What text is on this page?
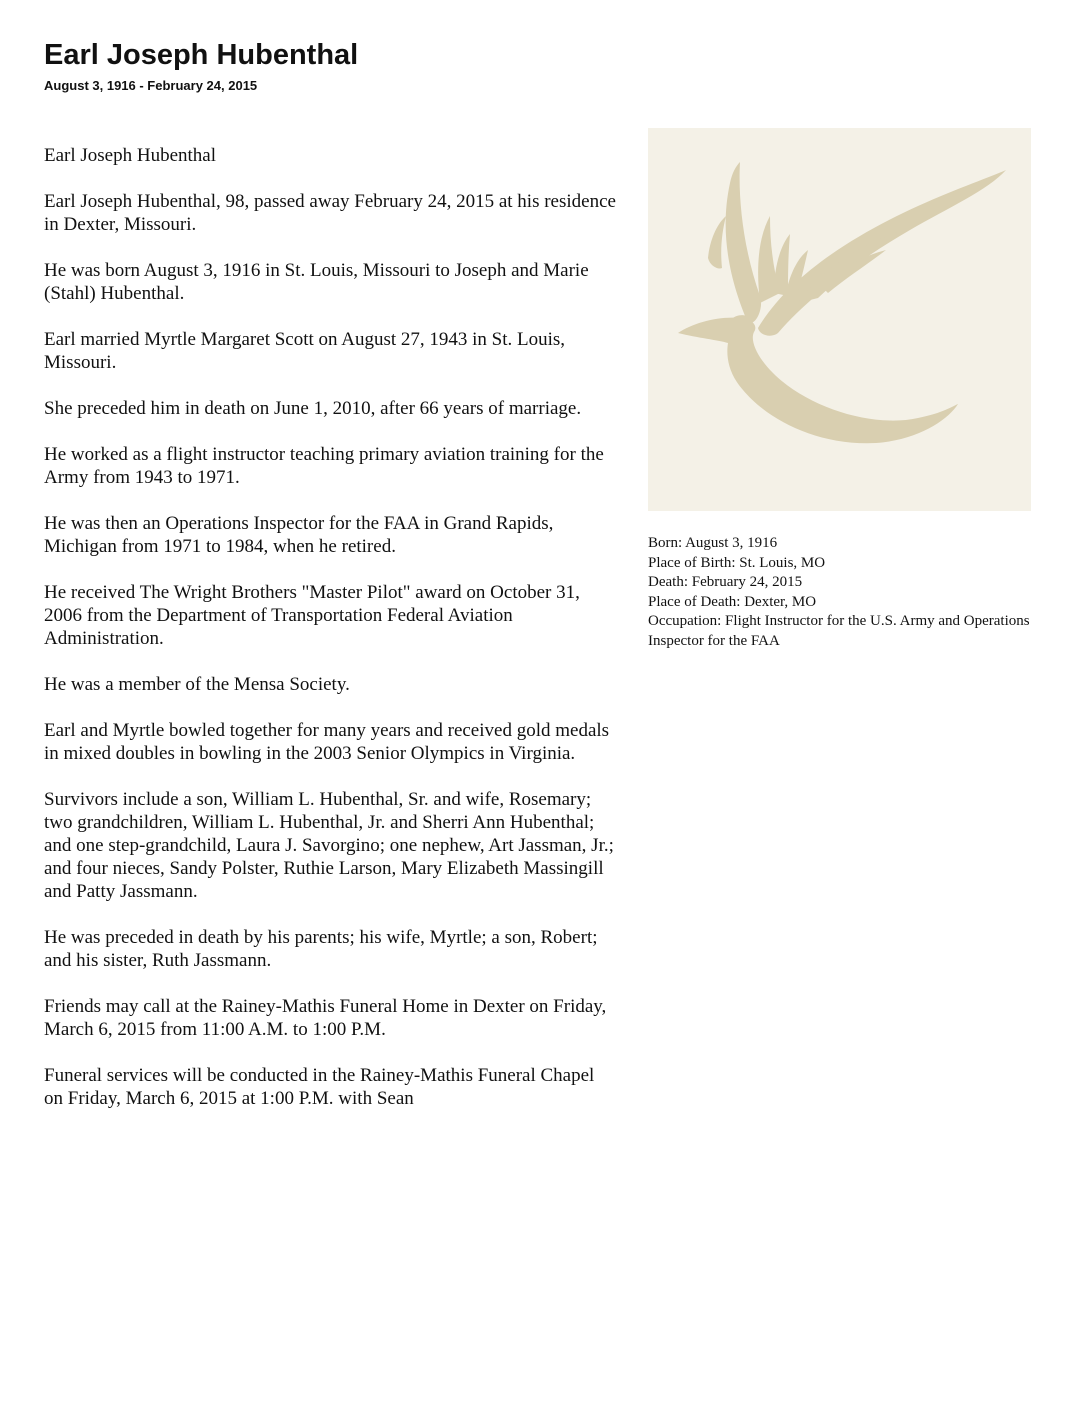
Earl Joseph Hubenthal
August 3, 1916 - February 24, 2015

Earl Joseph Hubenthal

Earl Joseph Hubenthal, 98, passed away February 24, 2015 at his residence in Dexter, Missouri.

He was born August 3, 1916 in St. Louis, Missouri to Joseph and Marie (Stahl) Hubenthal.

Earl married Myrtle Margaret Scott on August 27, 1943 in St. Louis, Missouri.

She preceded him in death on June 1, 2010, after 66 years of marriage.

He worked as a flight instructor teaching primary aviation training for the Army from 1943 to 1971.

He was then an Operations Inspector for the FAA in Grand Rapids, Michigan from 1971 to 1984, when he retired.

He received The Wright Brothers "Master Pilot" award on October 31, 2006 from the Department of Transportation Federal Aviation Administration.

He was a member of the Mensa Society.

Earl and Myrtle bowled together for many years and received gold medals in mixed doubles in bowling in the 2003 Senior Olympics in Virginia.

Survivors include a son, William L. Hubenthal, Sr. and wife, Rosemary; two grandchildren, William L. Hubenthal, Jr. and Sherri Ann Hubenthal; and one step-grandchild, Laura J. Savorgino; one nephew, Art Jassman, Jr.; and four nieces, Sandy Polster, Ruthie Larson, Mary Elizabeth Massingill and Patty Jassmann.

He was preceded in death by his parents; his wife, Myrtle; a son, Robert; and his sister, Ruth Jassmann.

Friends may call at the Rainey-Mathis Funeral Home in Dexter on Friday, March 6, 2015 from 11:00 A.M. to 1:00 P.M.

Funeral services will be conducted in the Rainey-Mathis Funeral Chapel on Friday, March 6, 2015 at 1:00 P.M. with Sean

Born: August 3, 1916
Place of Birth: St. Louis, MO
Death: February 24, 2015
Place of Death: Dexter, MO
Occupation: Flight Instructor for the U.S. Army and Operations Inspector for the FAA
